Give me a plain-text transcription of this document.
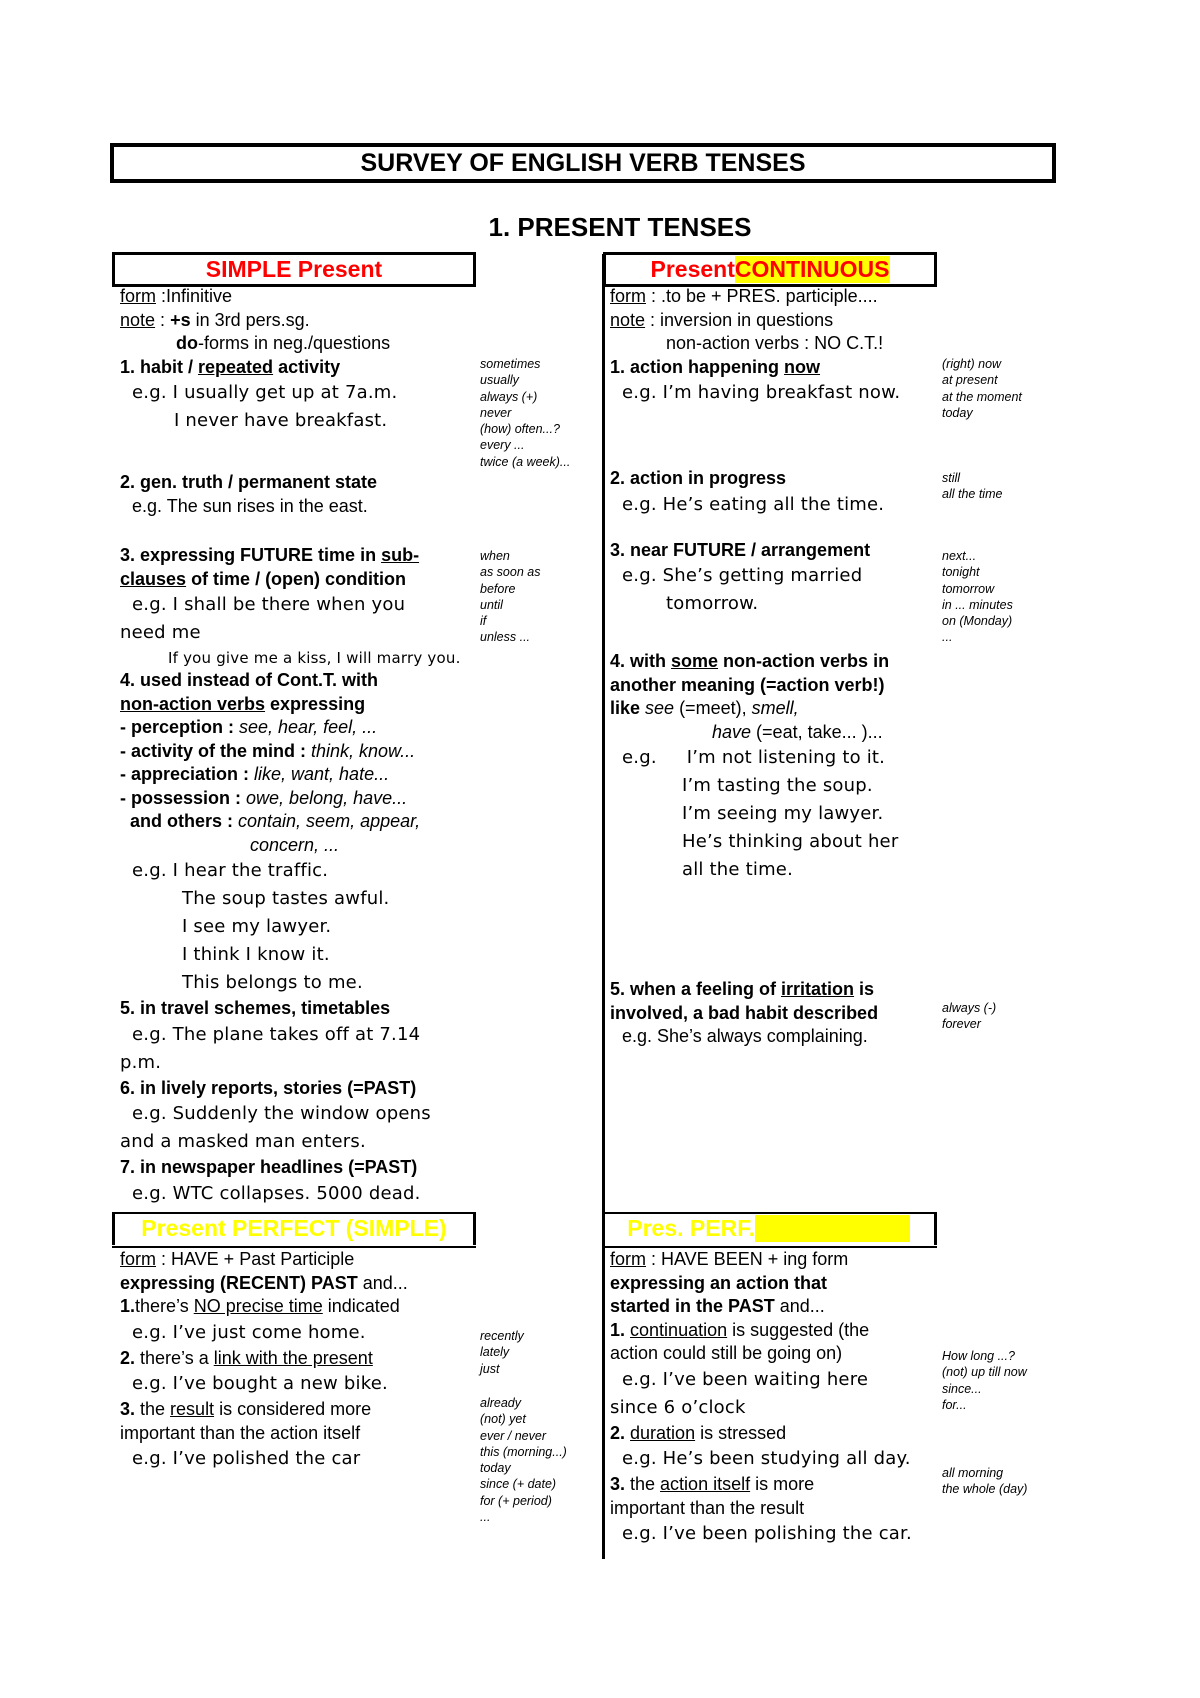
SURVEY OF ENGLISH VERB TENSES
1. PRESENT TENSES
SIMPLE Present	Present CONTINUOUS
Present PERFECT (SIMPLE)	Pres. PERF. CONTINUOUS
form :Infinitive
note : +s in 3rd pers.sg.
do-forms in neg./questions
1. habit / repeated activity
e.g. I usually get up at 7a.m.
I never have breakfast.
2. gen. truth / permanent state
e.g. The sun rises in the east.
3. expressing FUTURE time in sub-
clauses of time / (open) condition
e.g. I shall be there when you
need me
If you give me a kiss, I will marry you.
4. used instead of Cont.T. with
non-action verbs expressing
- perception : see, hear, feel, ...
- activity of the mind : think, know...
- appreciation : like, want, hate...
- possession : owe, belong, have...
and others : contain, seem, appear,
concern, ...
e.g. I hear the traffic.
The soup tastes awful.
I see my lawyer.
I think I know it.
This belongs to me.
5. in travel schemes, timetables
e.g. The plane takes off at 7.14
p.m.
6. in lively reports, stories (=PAST)
e.g. Suddenly the window opens
and a masked man enters.
7. in newspaper headlines (=PAST)
e.g. WTC collapses. 5000 dead.
sometimes
usually
always (+)
never
(how) often...?
every ...
twice (a week)...
when
as soon as
before
until
if
unless ...
form : .to be + PRES. participle....
note : inversion in questions
non-action verbs : NO C.T.!
1. action happening now
e.g. I’m having breakfast now.
2. action in progress
e.g. He’s eating all the time.
3. near FUTURE / arrangement
e.g. She’s getting married
tomorrow.
4. with some non-action verbs in
another meaning (=action verb!)
like see (=meet), smell,
have (=eat, take... )...
e.g. I’m not listening to it.
I’m tasting the soup.
I’m seeing my lawyer.
He’s thinking about her
all the time.
5. when a feeling of irritation is
involved, a bad habit described
e.g. She’s always complaining.
(right) now
at present
at the moment
today
still
all the time
next...
tonight
tomorrow
in ... minutes
on (Monday)
...
always (-)
forever
form : HAVE + Past Participle
expressing (RECENT) PAST and...
1.there’s NO precise time indicated
e.g. I’ve just come home.
2. there’s a link with the present
e.g. I’ve bought a new bike.
3. the result is considered more
important than the action itself
e.g. I’ve polished the car
recently
lately
just
already
(not) yet
ever / never
this (morning...)
today
since (+ date)
for (+ period)
...
form : HAVE BEEN + ing form
expressing an action that
started in the PAST and...
1. continuation is suggested (the
action could still be going on)
e.g. I’ve been waiting here
since 6 o’clock
2. duration is stressed
e.g. He’s been studying all day.
3. the action itself is more
important than the result
e.g. I’ve been polishing the car.
How long ...?
(not) up till now
since...
for...
all morning
the whole (day)
